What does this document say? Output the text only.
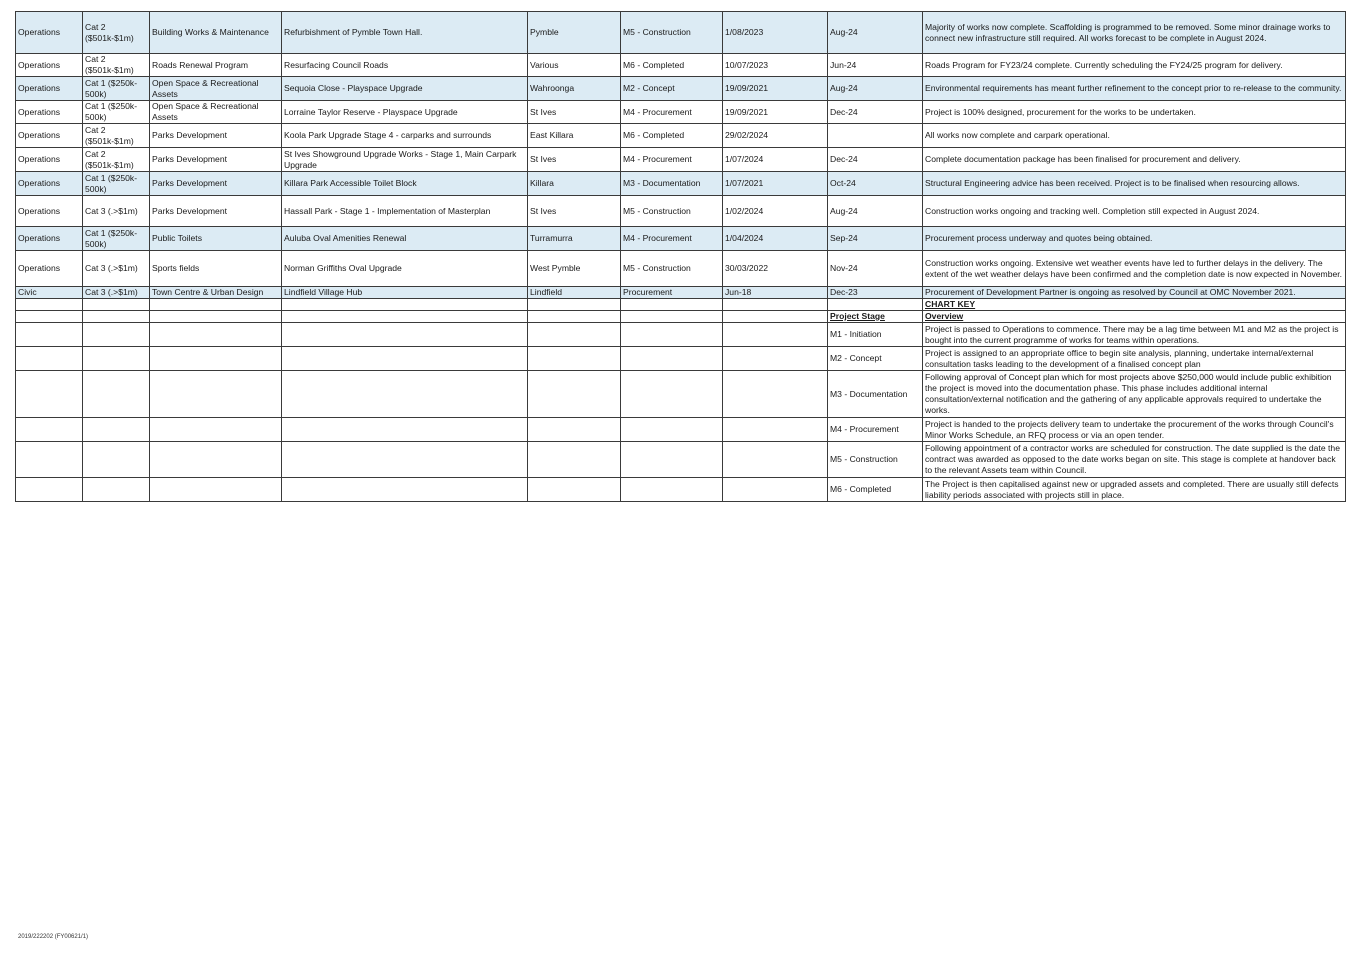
Operations	Cat 2 ($501k-$1m)	Building Works & Maintenance	Refurbishment of Pymble Town Hall.	Pymble	M5 - Construction	1/08/2023	Aug-24	Majority of works now complete. Scaffolding is programmed to be removed. Some minor drainage works to connect new infrastructure still required. All works forecast to be complete in August 2024.
Operations	Cat 2 ($501k-$1m)	Roads Renewal Program	Resurfacing Council Roads	Various	M6 - Completed	10/07/2023	Jun-24	Roads Program for FY23/24 complete. Currently scheduling the FY24/25 program for delivery.
Operations	Cat 1 ($250k-500k)	Open Space & Recreational Assets	Sequoia Close - Playspace Upgrade	Wahroonga	M2 - Concept	19/09/2021	Aug-24	Environmental requirements has meant further refinement to the concept prior to re-release to the community.
Operations	Cat 1 ($250k-500k)	Open Space & Recreational Assets	Lorraine Taylor Reserve - Playspace Upgrade	St Ives	M4 - Procurement	19/09/2021	Dec-24	Project is 100% designed, procurement for the works to be undertaken.
Operations	Cat 2 ($501k-$1m)	Parks Development	Koola Park Upgrade Stage 4 - carparks and surrounds	East Killara	M6 - Completed	29/02/2024		All works now complete and carpark operational.
Operations	Cat 2 ($501k-$1m)	Parks Development	St Ives Showground Upgrade Works - Stage 1, Main Carpark Upgrade	St Ives	M4 - Procurement	1/07/2024	Dec-24	Complete documentation package has been finalised for procurement and delivery.
Operations	Cat 1 ($250k-500k)	Parks Development	Killara Park Accessible Toilet Block	Killara	M3 - Documentation	1/07/2021	Oct-24	Structural Engineering advice has been received. Project is to be finalised when resourcing allows.
Operations	Cat 3 (.>$1m)	Parks Development	Hassall Park - Stage 1 - Implementation of Masterplan	St Ives	M5 - Construction	1/02/2024	Aug-24	Construction works ongoing and tracking well. Completion still expected in August 2024.
Operations	Cat 1 ($250k-500k)	Public Toilets	Auluba Oval Amenities Renewal	Turramurra	M4 - Procurement	1/04/2024	Sep-24	Procurement process underway and quotes being obtained.
Operations	Cat 3 (.>$1m)	Sports fields	Norman Griffiths Oval Upgrade	West Pymble	M5 - Construction	30/03/2022	Nov-24	Construction works ongoing. Extensive wet weather events have led to further delays in the delivery. The extent of the wet weather delays have been confirmed and the completion date is now expected in November.
Civic	Cat 3 (.>$1m)	Town Centre & Urban Design	Lindfield Village Hub	Lindfield	Procurement	Jun-18	Dec-23	Procurement of Development Partner is ongoing as resolved by Council at OMC November 2021.
								CHART KEY
							Project Stage	Overview
							M1 - Initiation	Project is passed to Operations to commence. There may be a lag time between M1 and M2 as the project is bought into the current programme of works for teams within operations.
							M2 - Concept	Project is assigned to an appropriate office to begin site analysis, planning, undertake internal/external consultation tasks leading to the development of a finalised concept plan
							M3 - Documentation	Following approval of Concept plan which for most projects above $250,000 would include public exhibition the project is moved into the documentation phase. This phase includes additional internal consultation/external notification and the gathering of any applicable approvals required to undertake the works.
							M4 - Procurement	Project is handed to the projects delivery team to undertake the procurement of the works through Council's Minor Works Schedule, an RFQ process or via an open tender.
							M5 - Construction	Following appointment of a contractor works are scheduled for construction. The date supplied is the date the contract was awarded as opposed to the date works began on site. This stage is complete at handover back to the relevant Assets team within Council.
							M6 - Completed	The Project is then capitalised against new or upgraded assets and completed. There are usually still defects liability periods associated with projects still in place.
2019/222202 (FY00621/1)
